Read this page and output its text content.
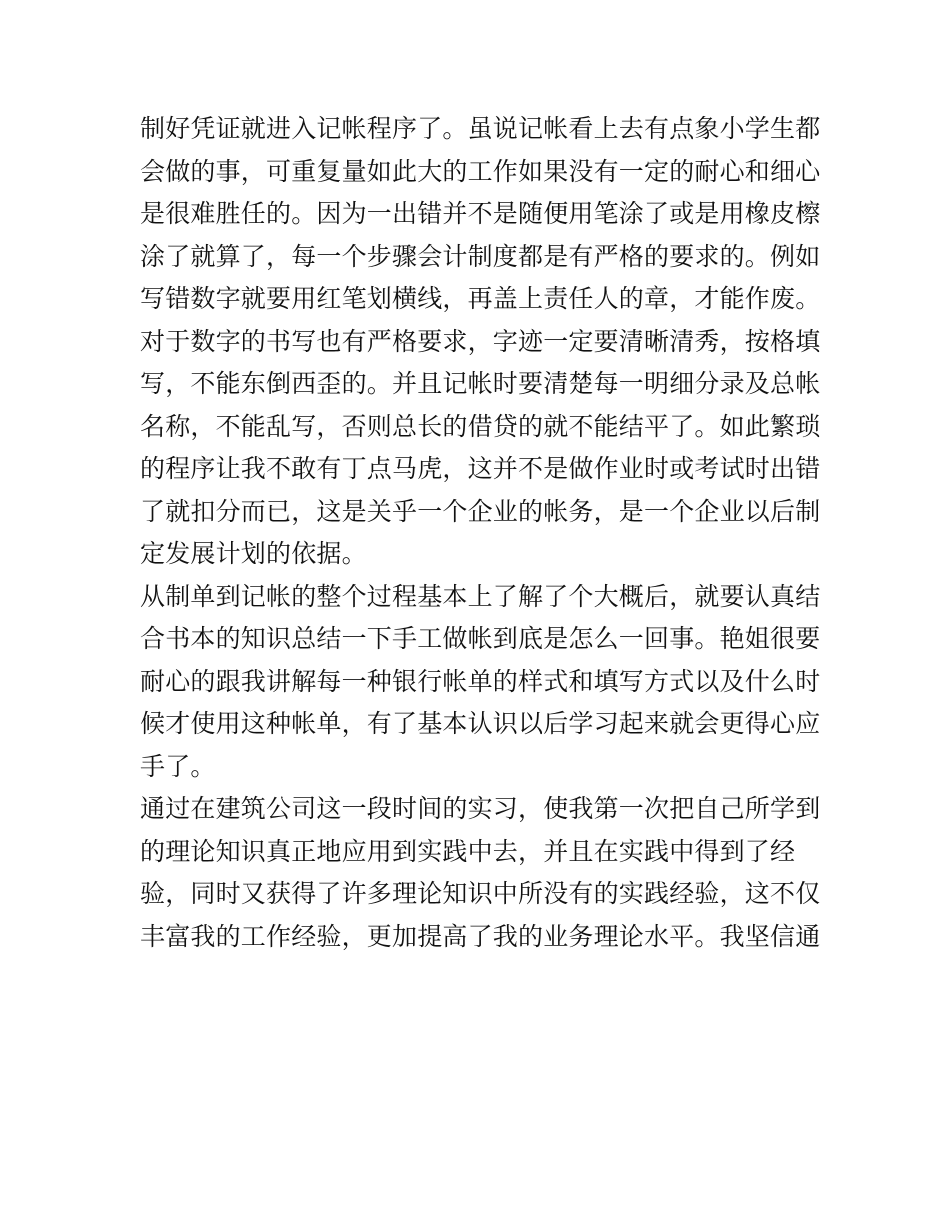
制好凭证就进入记帐程序了。虽说记帐看上去有点象小学生都
会做的事，可重复量如此大的工作如果没有一定的耐心和细心
是很难胜任的。因为一出错并不是随便用笔涂了或是用橡皮檫
涂了就算了，每一个步骤会计制度都是有严格的要求的。例如
写错数字就要用红笔划横线，再盖上责任人的章，才能作废。
对于数字的书写也有严格要求，字迹一定要清晰清秀，按格填
写，不能东倒西歪的。并且记帐时要清楚每一明细分录及总帐
名称，不能乱写，否则总长的借贷的就不能结平了。如此繁琐
的程序让我不敢有丁点马虎，这并不是做作业时或考试时出错
了就扣分而已，这是关乎一个企业的帐务，是一个企业以后制
定发展计划的依据。
从制单到记帐的整个过程基本上了解了个大概后，就要认真结
合书本的知识总结一下手工做帐到底是怎么一回事。艳姐很要
耐心的跟我讲解每一种银行帐单的样式和填写方式以及什么时
候才使用这种帐单，有了基本认识以后学习起来就会更得心应
手了。
通过在建筑公司这一段时间的实习，使我第一次把自己所学到
的理论知识真正地应用到实践中去，并且在实践中得到了经
验，同时又获得了许多理论知识中所没有的实践经验，这不仅
丰富我的工作经验，更加提高了我的业务理论水平。我坚信通
